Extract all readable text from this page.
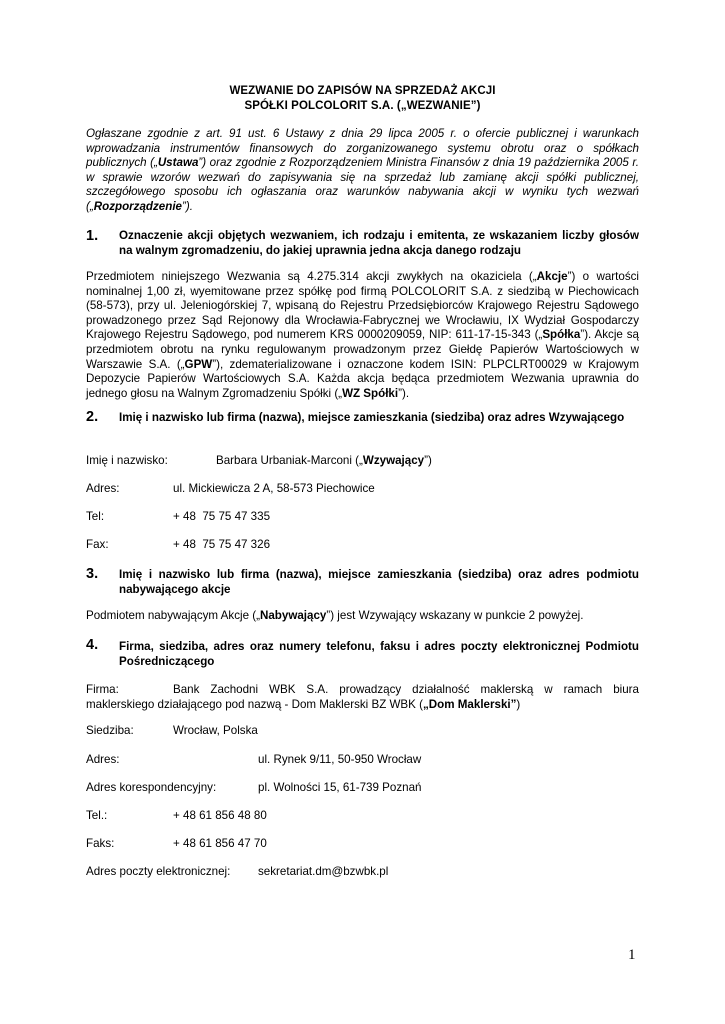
WEZWANIE DO ZAPISÓW NA SPRZEDAŻ AKCJI
SPÓŁKI POLCOLORIT S.A. („WEZWANIE”)
Ogłaszane zgodnie z art. 91 ust. 6 Ustawy z dnia 29 lipca 2005 r. o ofercie publicznej i warunkach wprowadzania instrumentów finansowych do zorganizowanego systemu obrotu oraz o spółkach publicznych („Ustawa”) oraz zgodnie z Rozporządzeniem Ministra Finansów z dnia 19 października 2005 r. w sprawie wzorów wezwań do zapisywania się na sprzedaż lub zamianę akcji spółki publicznej, szczegółowego sposobu ich ogłaszania oraz warunków nabywania akcji w wyniku tych wezwań („Rozporządzenie”).
1. Oznaczenie akcji objętych wezwaniem, ich rodzaju i emitenta, ze wskazaniem liczby głosów na walnym zgromadzeniu, do jakiej uprawnia jedna akcja danego rodzaju
Przedmiotem niniejszego Wezwania są 4.275.314 akcji zwykłych na okaziciela („Akcje”) o wartości nominalnej 1,00 zł, wyemitowane przez spółkę pod firmą POLCOLORIT S.A. z siedzibą w Piechowicach (58-573), przy ul. Jeleniogórskiej 7, wpisaną do Rejestru Przedsiębiorców Krajowego Rejestru Sądowego prowadzonego przez Sąd Rejonowy dla Wrocławia-Fabrycznej we Wrocławiu, IX Wydział Gospodarczy Krajowego Rejestru Sądowego, pod numerem KRS 0000209059, NIP: 611-17-15-343 („Spółka”). Akcje są przedmiotem obrotu na rynku regulowanym prowadzonym przez Giełdę Papierów Wartościowych w Warszawie S.A. („GPW”), zdematerializowane i oznaczone kodem ISIN: PLPCLRT00029 w Krajowym Depozycie Papierów Wartościowych S.A. Każda akcja będąca przedmiotem Wezwania uprawnia do jednego głosu na Walnym Zgromadzeniu Spółki („WZ Spółki”).
2. Imię i nazwisko lub firma (nazwa), miejsce zamieszkania (siedziba) oraz adres Wzywającego
Imię i nazwisko:	Barbara Urbaniak-Marconi („Wzywający”)
Adres:	ul. Mickiewicza 2 A, 58-573 Piechowice
Tel:	+ 48  75 75 47 335
Fax:	+ 48  75 75 47 326
3. Imię i nazwisko lub firma (nazwa), miejsce zamieszkania (siedziba) oraz adres podmiotu nabywającego akcje
Podmiotem nabywającym Akcje („Nabywający”) jest Wzywający wskazany w punkcie 2 powyżej.
4. Firma, siedziba, adres oraz numery telefonu, faksu i adres poczty elektronicznej Podmiotu Pośredniczącego
Firma:	Bank Zachodni WBK S.A. prowadzący działalność maklerską w ramach biura maklerskiego działającego pod nazwą - Dom Maklerski BZ WBK („Dom Maklerski”)
Siedziba:	Wrocław, Polska
Adres:	ul. Rynek 9/11, 50-950 Wrocław
Adres korespondencyjny:	pl. Wolności 15, 61-739 Poznań
Tel.:	+ 48 61 856 48 80
Faks:	+ 48 61 856 47 70
Adres poczty elektronicznej: sekretariat.dm@bzwbk.pl
1
